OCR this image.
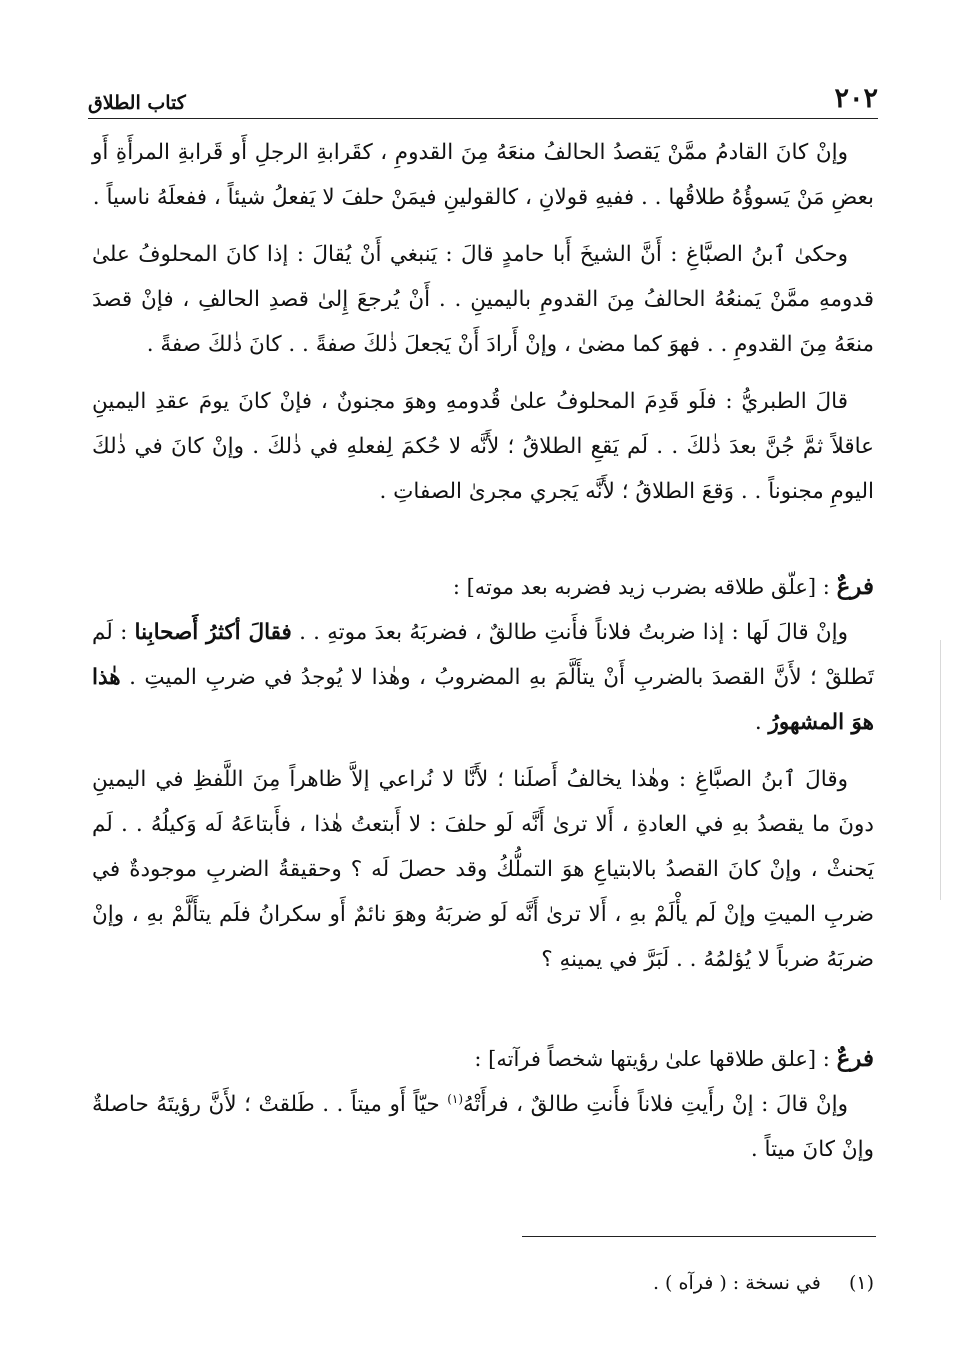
٢٠٢
كتاب الطلاق

وإنْ كانَ القادمُ ممَّنْ يَقصدُ الحالفُ منعَهُ مِنَ القدومِ ، كقَرابةِ الرجلِ أَو قَرابةِ المرأَةِ أَو بعضِ مَنْ يَسوؤُهُ طلاقُها . . ففيهِ قولانِ ، كالقولينِ فيمَنْ حلفَ لا يَفعلُ شيئاً ، ففعلَهُ ناسياً .

وحكىٰ ٱبنُ الصبَّاغِ : أَنَّ الشيخَ أَبا حامدٍ قالَ : يَنبغي أَنْ يُقالَ : إذا كانَ المحلوفُ علىٰ قدومهِ ممَّنْ يَمنعُهُ الحالفُ مِنَ القدومِ باليمينِ . . أَنْ يُرجعَ إِلىٰ قصدِ الحالفِ ، فإنْ قصدَ منعَهُ مِنَ القدومِ . . فهوَ كما مضىٰ ، وإنْ أَرادَ أَنْ يَجعلَ ذٰلكَ صفةً . . كانَ ذٰلكَ صفةً .

قالَ الطبريُّ : فلَو قَدِمَ المحلوفُ علىٰ قُدومهِ وهوَ مجنونٌ ، فإنْ كانَ يومَ عقدِ اليمينِ عاقلاً ثمَّ جُنَّ بعدَ ذٰلكَ . . لَم يَقعِ الطلاقُ ؛ لأَنَّه لا حُكمَ لِفعلهِ في ذٰلكَ . وإنْ كانَ في ذٰلكَ اليومِ مجنوناً . . وَقعَ الطلاقُ ؛ لأَنَّه يَجري مجرىٰ الصفاتِ .

فرعٌ : [علّق طلاقه بضرب زيد فضربه بعد موته] :

وإنْ قالَ لَها : إذا ضربتُ فلاناً فأَنتِ طالقٌ ، فضربَهُ بعدَ موتهِ . . فقالَ أكثرُ أَصحابِنا : لَم تَطلقْ ؛ لأَنَّ القصدَ بالضربِ أَنْ يتأَلَّمَ بهِ المضروبُ ، وهٰذا لا يُوجدُ في ضربِ الميتِ . هٰذا هوَ المشهورُ .

وقالَ ٱبنُ الصبَّاغِ : وهٰذا يخالفُ أَصلَنا ؛ لأَنَّا لا نُراعي إلاَّ ظاهراً مِنَ اللَّفظِ في اليمينِ دونَ ما يقصدُ بهِ في العادةِ ، أَلا ترىٰ أَنَّه لَو حلفَ : لا أَبتعتُ هٰذا ، فأَبتاعَهُ لَه وَكيلُهُ . . لَم يَحنثْ ، وإنْ كانَ القصدُ بالابتياعِ هوَ التملُّكُ وقد حصلَ لَه ؟ وحقيقةُ الضربِ موجودةٌ في ضربِ الميتِ وإنْ لَم يأْلَمْ بهِ ، أَلا ترىٰ أَنَّه لَو ضربَهُ وهوَ نائمٌ أَو سكرانُ فلَم يتأَلَّمْ بهِ ، وإنْ ضربَهُ ضرباً لا يُؤلمُهُ . . لَبَرَّ في يمينهِ ؟

فرعٌ : [علق طلاقها علىٰ رؤيتها شخصاً فرآته] :

وإنْ قالَ : إنْ رأَيتِ فلاناً فأَنتِ طالقٌ ، فرأَتْهُ$^{(١)}$ حيّاً أَو ميتاً . . طَلقتْ ؛ لأَنَّ رؤيتَهُ حاصلةٌ وإنْ كانَ ميتاً .

(١) في نسخة : ( فرآه ) .
